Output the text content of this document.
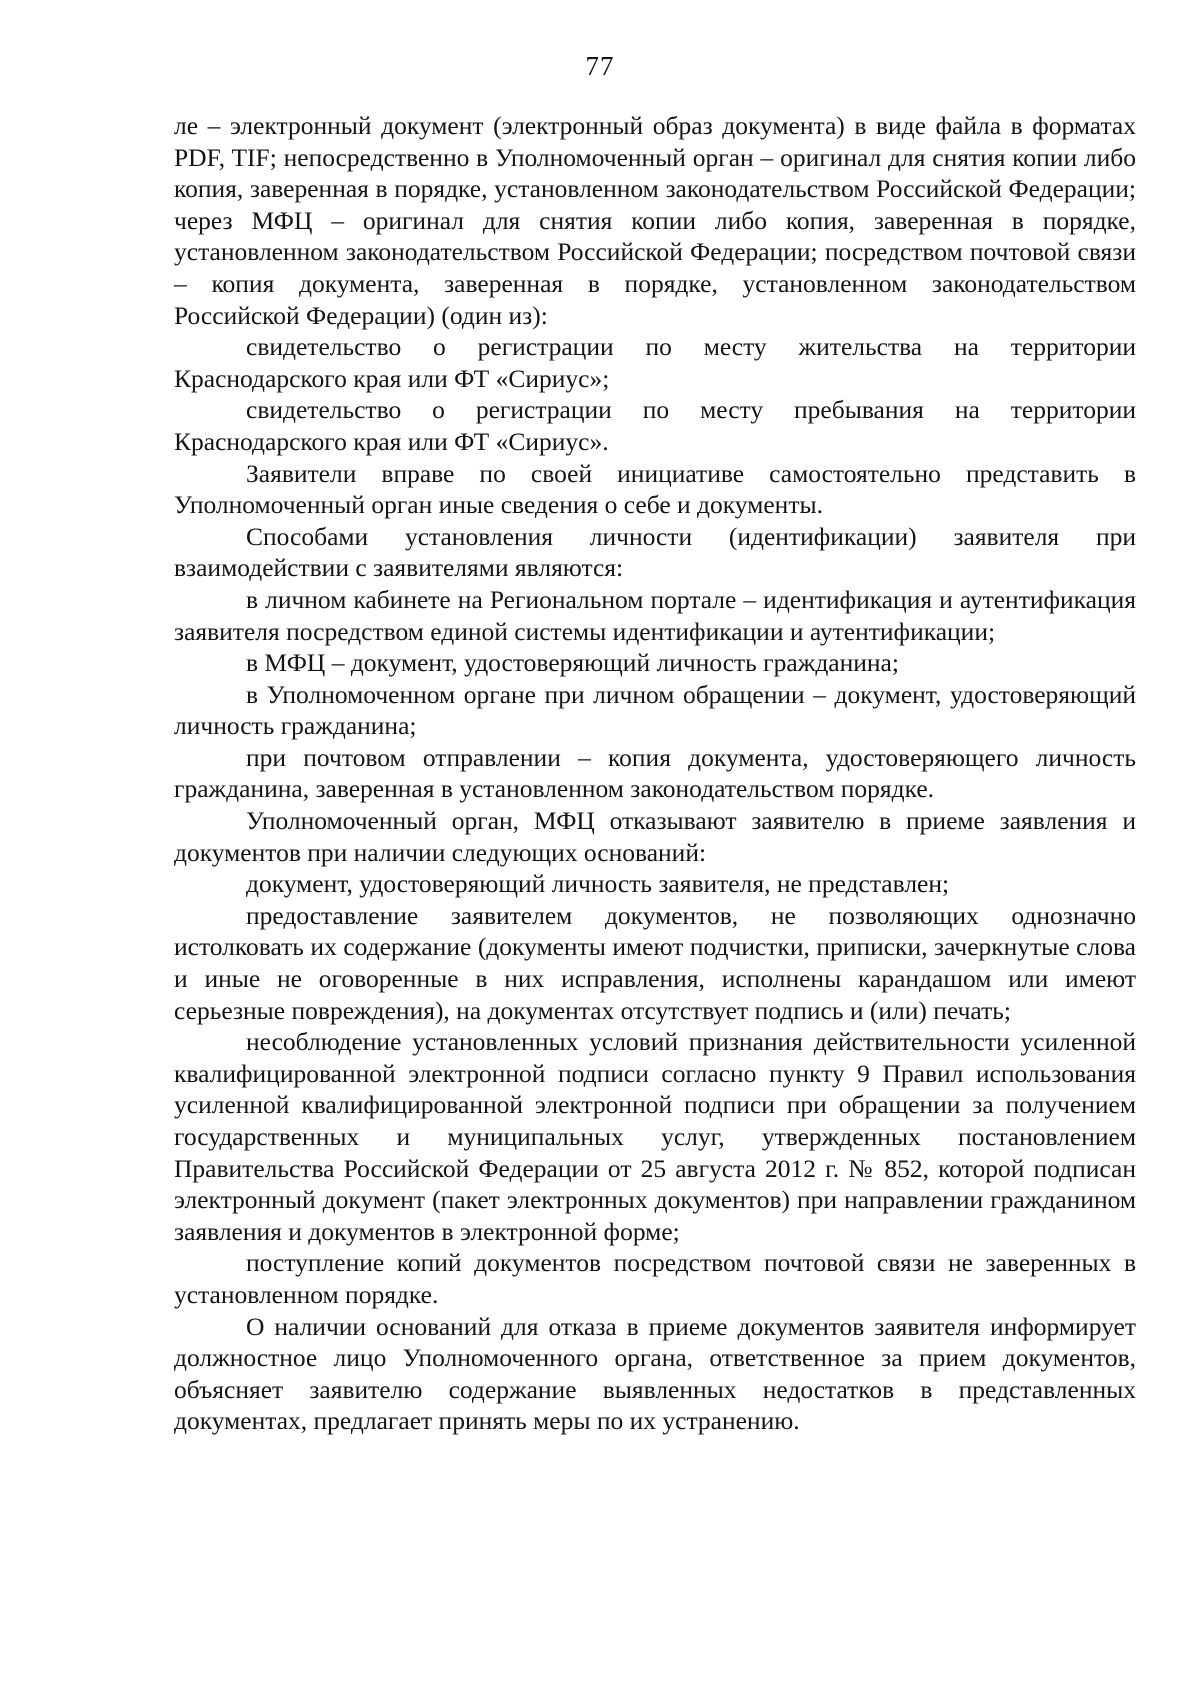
77

ле – электронный документ (электронный образ документа) в виде файла в форматах PDF, TIF; непосредственно в Уполномоченный орган – оригинал для снятия копии либо копия, заверенная в порядке, установленном законодательством Российской Федерации; через МФЦ – оригинал для снятия копии либо копия, заверенная в порядке, установленном законодательством Российской Федерации; посредством почтовой связи – копия документа, заверенная в порядке, установленном законодательством Российской Федерации) (один из):

свидетельство о регистрации по месту жительства на территории Краснодарского края или ФТ «Сириус»;

свидетельство о регистрации по месту пребывания на территории Краснодарского края или ФТ «Сириус».

Заявители вправе по своей инициативе самостоятельно представить в Уполномоченный орган иные сведения о себе и документы.

Способами установления личности (идентификации) заявителя при взаимодействии с заявителями являются:

в личном кабинете на Региональном портале – идентификация и аутентификация заявителя посредством единой системы идентификации и аутентификации;

в МФЦ – документ, удостоверяющий личность гражданина;

в Уполномоченном органе при личном обращении – документ, удостоверяющий личность гражданина;

при почтовом отправлении – копия документа, удостоверяющего личность гражданина, заверенная в установленном законодательством порядке.

Уполномоченный орган, МФЦ отказывают заявителю в приеме заявления и документов при наличии следующих оснований:

документ, удостоверяющий личность заявителя, не представлен;

предоставление заявителем документов, не позволяющих однозначно истолковать их содержание (документы имеют подчистки, приписки, зачеркнутые слова и иные не оговоренные в них исправления, исполнены карандашом или имеют серьезные повреждения), на документах отсутствует подпись и (или) печать;

несоблюдение установленных условий признания действительности усиленной квалифицированной электронной подписи согласно пункту 9 Правил использования усиленной квалифицированной электронной подписи при обращении за получением государственных и муниципальных услуг, утвержденных постановлением Правительства Российской Федерации от 25 августа 2012 г. № 852, которой подписан электронный документ (пакет электронных документов) при направлении гражданином заявления и документов в электронной форме;

поступление копий документов посредством почтовой связи не заверенных в установленном порядке.

О наличии оснований для отказа в приеме документов заявителя информирует должностное лицо Уполномоченного органа, ответственное за прием документов, объясняет заявителю содержание выявленных недостатков в представленных документах, предлагает принять меры по их устранению.
